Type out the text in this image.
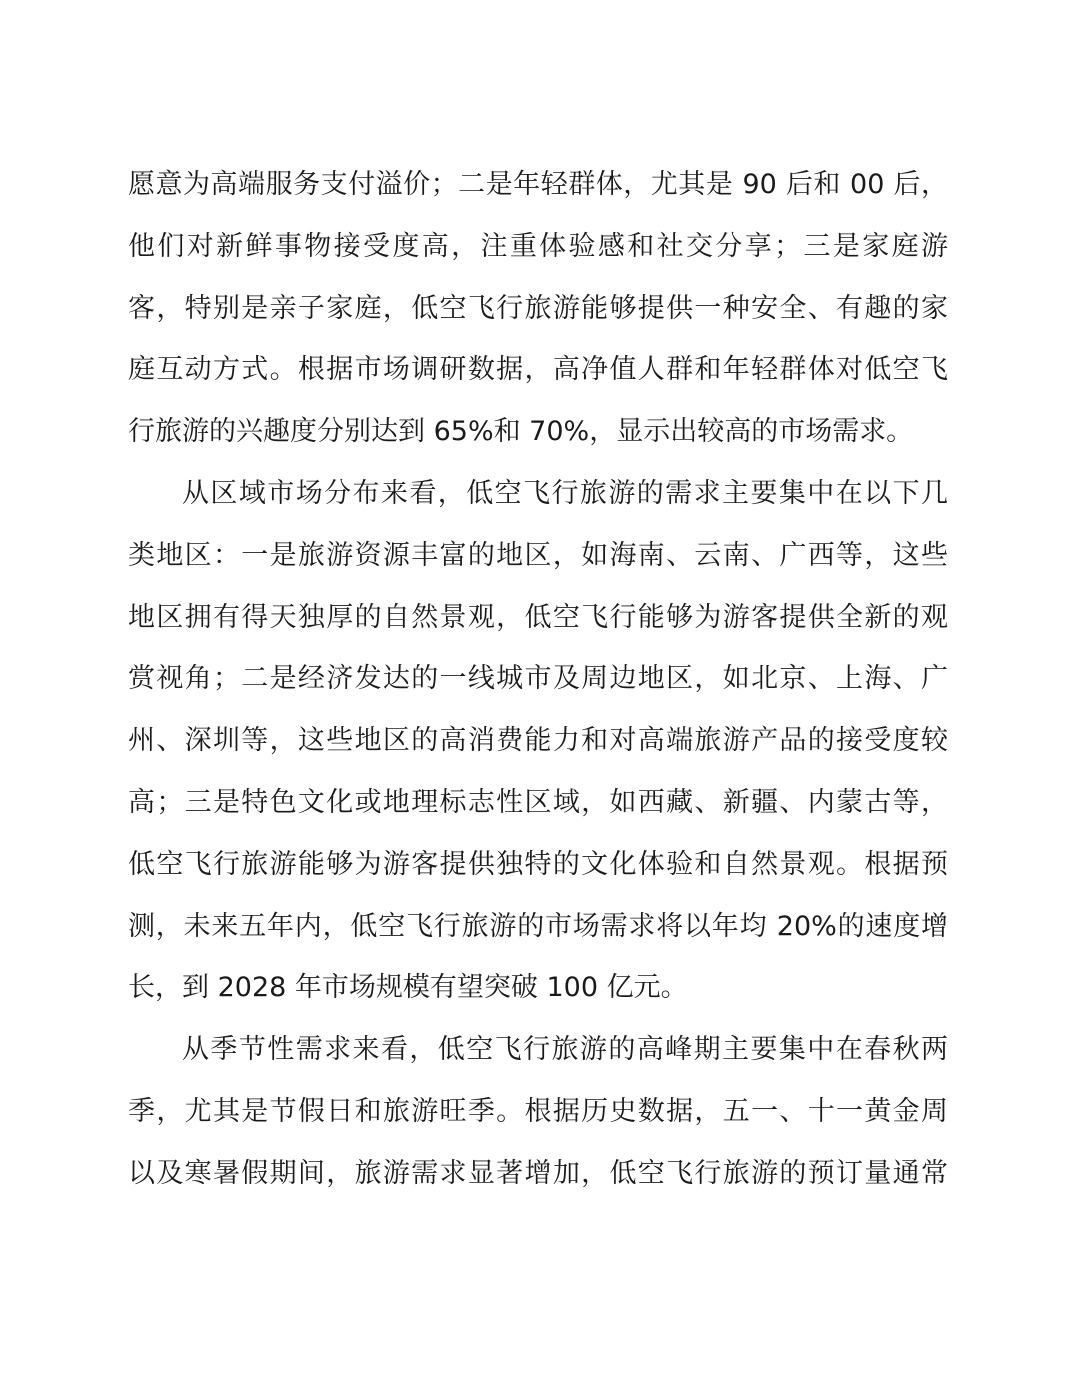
愿意为高端服务支付溢价；二是年轻群体，尤其是 90 后和 00 后，
他们对新鲜事物接受度高，注重体验感和社交分享；三是家庭游
客，特别是亲子家庭，低空飞行旅游能够提供一种安全、有趣的家
庭互动方式。根据市场调研数据，高净值人群和年轻群体对低空飞
行旅游的兴趣度分别达到 65%和 70%，显示出较高的市场需求。
从区域市场分布来看，低空飞行旅游的需求主要集中在以下几
类地区：一是旅游资源丰富的地区，如海南、云南、广西等，这些
地区拥有得天独厚的自然景观，低空飞行能够为游客提供全新的观
赏视角；二是经济发达的一线城市及周边地区，如北京、上海、广
州、深圳等，这些地区的高消费能力和对高端旅游产品的接受度较
高；三是特色文化或地理标志性区域，如西藏、新疆、内蒙古等，
低空飞行旅游能够为游客提供独特的文化体验和自然景观。根据预
测，未来五年内，低空飞行旅游的市场需求将以年均 20%的速度增
长，到 2028 年市场规模有望突破 100 亿元。
从季节性需求来看，低空飞行旅游的高峰期主要集中在春秋两
季，尤其是节假日和旅游旺季。根据历史数据，五一、十一黄金周
以及寒暑假期间，旅游需求显著增加，低空飞行旅游的预订量通常
